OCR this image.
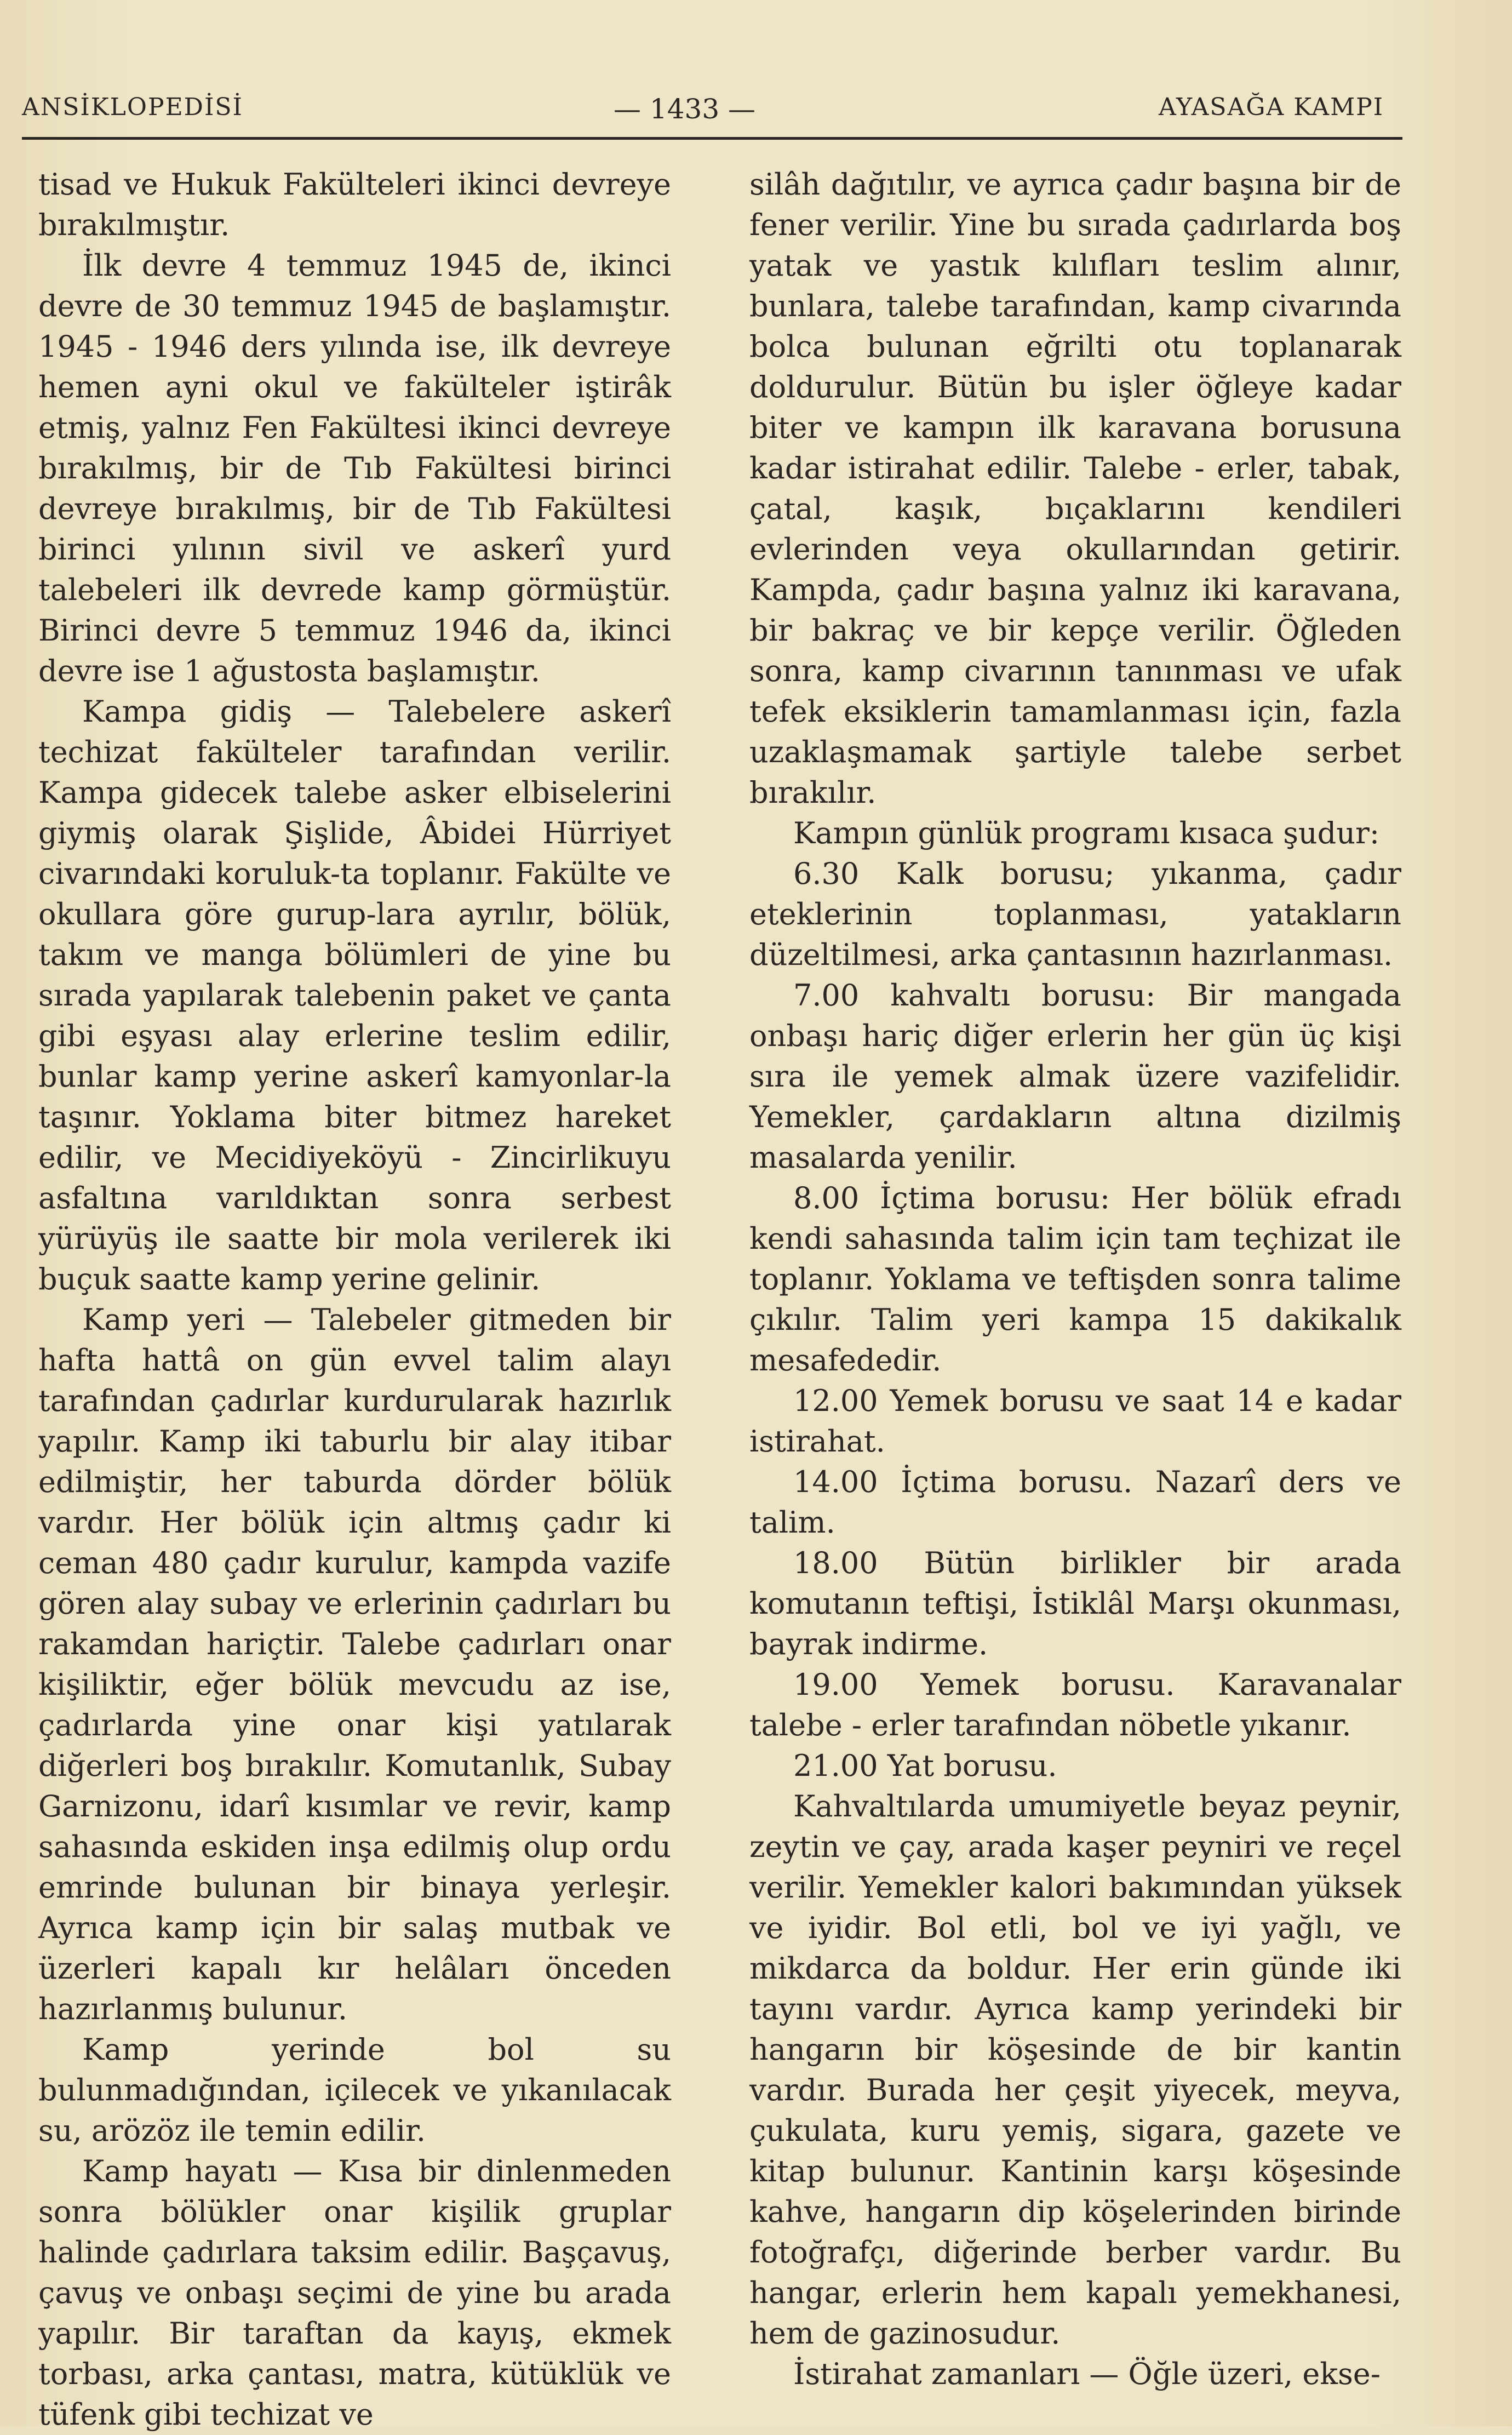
ANSİKLOPEDİSİ	— 1433 —	AYASAĞA KAMPI

tisad ve Hukuk Fakülteleri ikinci devreye bırakılmıştır.

İlk devre 4 temmuz 1945 de, ikinci devre de 30 temmuz 1945 de başlamıştır. 1945 - 1946 ders yılında ise, ilk devreye hemen ayni okul ve fakülteler iştirâk etmiş, yalnız Fen Fakültesi ikinci devreye bırakılmış, bir de Tıb Fakültesi birinci devreye bırakılmış, bir de Tıb Fakültesi birinci yılının sivil ve askerî yurd talebeleri ilk devrede kamp görmüştür. Birinci devre 5 temmuz 1946 da, ikinci devre ise 1 ağustosta başlamıştır.

Kampa gidiş — Talebelere askerî techizat fakülteler tarafından verilir. Kampa gidecek talebe asker elbiselerini giymiş olarak Şişlide, Âbidei Hürriyet civarındaki koruluk-ta toplanır. Fakülte ve okullara göre gurup-lara ayrılır, bölük, takım ve manga bölümleri de yine bu sırada yapılarak talebenin paket ve çanta gibi eşyası alay erlerine teslim edilir, bunlar kamp yerine askerî kamyonlar-la taşınır. Yoklama biter bitmez hareket edilir, ve Mecidiyeköyü - Zincirlikuyu asfaltına varıldıktan sonra serbest yürüyüş ile saatte bir mola verilerek iki buçuk saatte kamp yerine gelinir.

Kamp yeri — Talebeler gitmeden bir hafta hattâ on gün evvel talim alayı tarafından çadırlar kurdurularak hazırlık yapılır. Kamp iki taburlu bir alay itibar edilmiştir, her taburda dörder bölük vardır. Her bölük için altmış çadır ki ceman 480 çadır kurulur, kampda vazife gören alay subay ve erlerinin çadırları bu rakamdan hariçtir. Talebe çadırları onar kişiliktir, eğer bölük mevcudu az ise, çadırlarda yine onar kişi yatılarak diğerleri boş bırakılır. Komutanlık, Subay Garnizonu, idarî kısımlar ve revir, kamp sahasında eskiden inşa edilmiş olup ordu emrinde bulunan bir binaya yerleşir. Ayrıca kamp için bir salaş mutbak ve üzerleri kapalı kır helâları önceden hazırlanmış bulunur.

Kamp yerinde bol su bulunmadığından, içilecek ve yıkanılacak su, arözöz ile temin edilir.

Kamp hayatı — Kısa bir dinlenmeden sonra bölükler onar kişilik gruplar halinde çadırlara taksim edilir. Başçavuş, çavuş ve onbaşı seçimi de yine bu arada yapılır. Bir taraftan da kayış, ekmek torbası, arka çantası, matra, kütüklük ve tüfenk gibi techizat ve

silâh dağıtılır, ve ayrıca çadır başına bir de fener verilir. Yine bu sırada çadırlarda boş yatak ve yastık kılıfları teslim alınır, bunlara, talebe tarafından, kamp civarında bolca bulunan eğrilti otu toplanarak doldurulur. Bütün bu işler öğleye kadar biter ve kampın ilk karavana borusuna kadar istirahat edilir. Talebe - erler, tabak, çatal, kaşık, bıçaklarını kendileri evlerinden veya okullarından getirir. Kampda, çadır başına yalnız iki karavana, bir bakraç ve bir kepçe verilir. Öğleden sonra, kamp civarının tanınması ve ufak tefek eksiklerin tamamlanması için, fazla uzaklaşmamak şartiyle talebe serbet bırakılır.

Kampın günlük programı kısaca şudur:

6.30 Kalk borusu; yıkanma, çadır eteklerinin toplanması, yatakların düzeltilmesi, arka çantasının hazırlanması.

7.00 kahvaltı borusu: Bir mangada onbaşı hariç diğer erlerin her gün üç kişi sıra ile yemek almak üzere vazifelidir. Yemekler, çardakların altına dizilmiş masalarda yenilir.

8.00 İçtima borusu: Her bölük efradı kendi sahasında talim için tam teçhizat ile toplanır. Yoklama ve teftişden sonra talime çıkılır. Talim yeri kampa 15 dakikalık mesafededir.

12.00 Yemek borusu ve saat 14 e kadar istirahat.

14.00 İçtima borusu. Nazarî ders ve talim.

18.00 Bütün birlikler bir arada komutanın teftişi, İstiklâl Marşı okunması, bayrak indirme.

19.00 Yemek borusu. Karavanalar talebe - erler tarafından nöbetle yıkanır.

21.00 Yat borusu.

Kahvaltılarda umumiyetle beyaz peynir, zeytin ve çay, arada kaşer peyniri ve reçel verilir. Yemekler kalori bakımından yüksek ve iyidir. Bol etli, bol ve iyi yağlı, ve mikdarca da boldur. Her erin günde iki tayını vardır. Ayrıca kamp yerindeki bir hangarın bir köşesinde de bir kantin vardır. Burada her çeşit yiyecek, meyva, çukulata, kuru yemiş, sigara, gazete ve kitap bulunur. Kantinin karşı köşesinde kahve, hangarın dip köşelerinden birinde fotoğrafçı, diğerinde berber vardır. Bu hangar, erlerin hem kapalı yemekhanesi, hem de gazinosudur.

İstirahat zamanları — Öğle üzeri, ekse-
